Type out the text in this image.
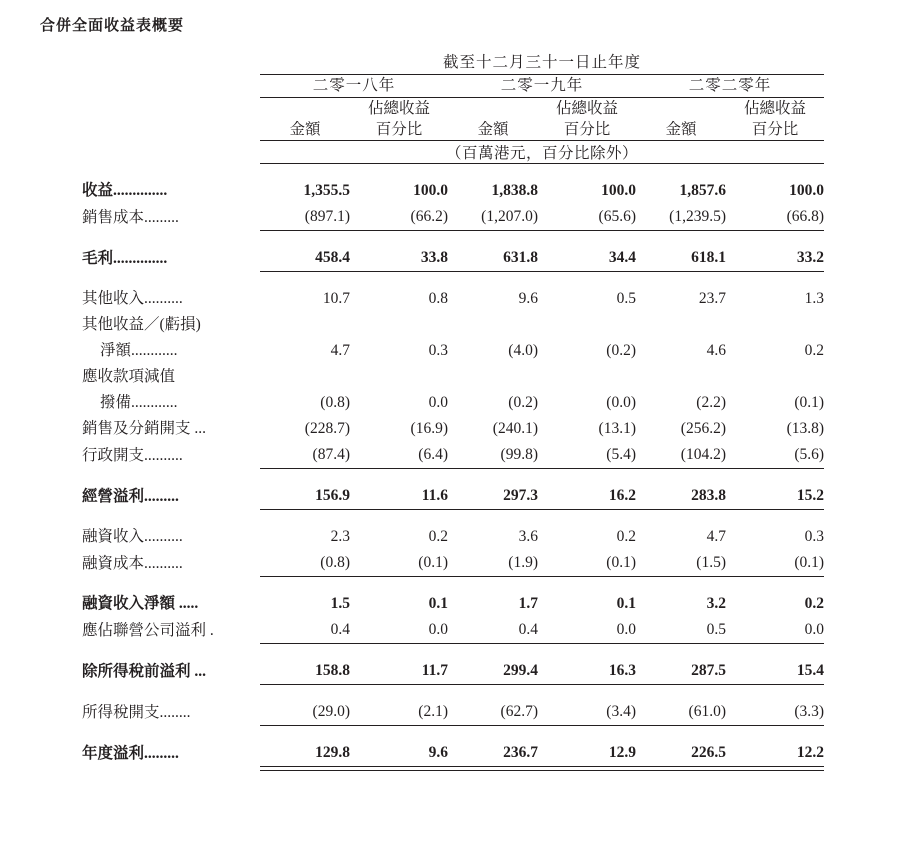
合併全面收益表概要
	截至十二月三十一日止年度					
	二零一八年		二零一九年		二零二零年	
		佔總收益		佔總收益		佔總收益
	金額	百分比	金額	百分比	金額	百分比
	（百萬港元，百分比除外）					

收益..............	1,355.5	100.0	1,838.8	100.0	1,857.6	100.0
銷售成本.........	(897.1)	(66.2)	(1,207.0)	(65.6)	(1,239.5)	(66.8)

毛利..............	458.4	33.8	631.8	34.4	618.1	33.2

其他收入..........	10.7	0.8	9.6	0.5	23.7	1.3
其他收益／(虧損)						
淨額............	4.7	0.3	(4.0)	(0.2)	4.6	0.2
應收款項減值						
撥備............	(0.8)	0.0	(0.2)	(0.0)	(2.2)	(0.1)
銷售及分銷開支 ...	(228.7)	(16.9)	(240.1)	(13.1)	(256.2)	(13.8)
行政開支..........	(87.4)	(6.4)	(99.8)	(5.4)	(104.2)	(5.6)

經營溢利.........	156.9	11.6	297.3	16.2	283.8	15.2

融資收入..........	2.3	0.2	3.6	0.2	4.7	0.3
融資成本..........	(0.8)	(0.1)	(1.9)	(0.1)	(1.5)	(0.1)

融資收入淨額 .....	1.5	0.1	1.7	0.1	3.2	0.2
應佔聯營公司溢利 .	0.4	0.0	0.4	0.0	0.5	0.0

除所得稅前溢利 ...	158.8	11.7	299.4	16.3	287.5	15.4

所得稅開支........	(29.0)	(2.1)	(62.7)	(3.4)	(61.0)	(3.3)

年度溢利.........	129.8	9.6	236.7	12.9	226.5	12.2
